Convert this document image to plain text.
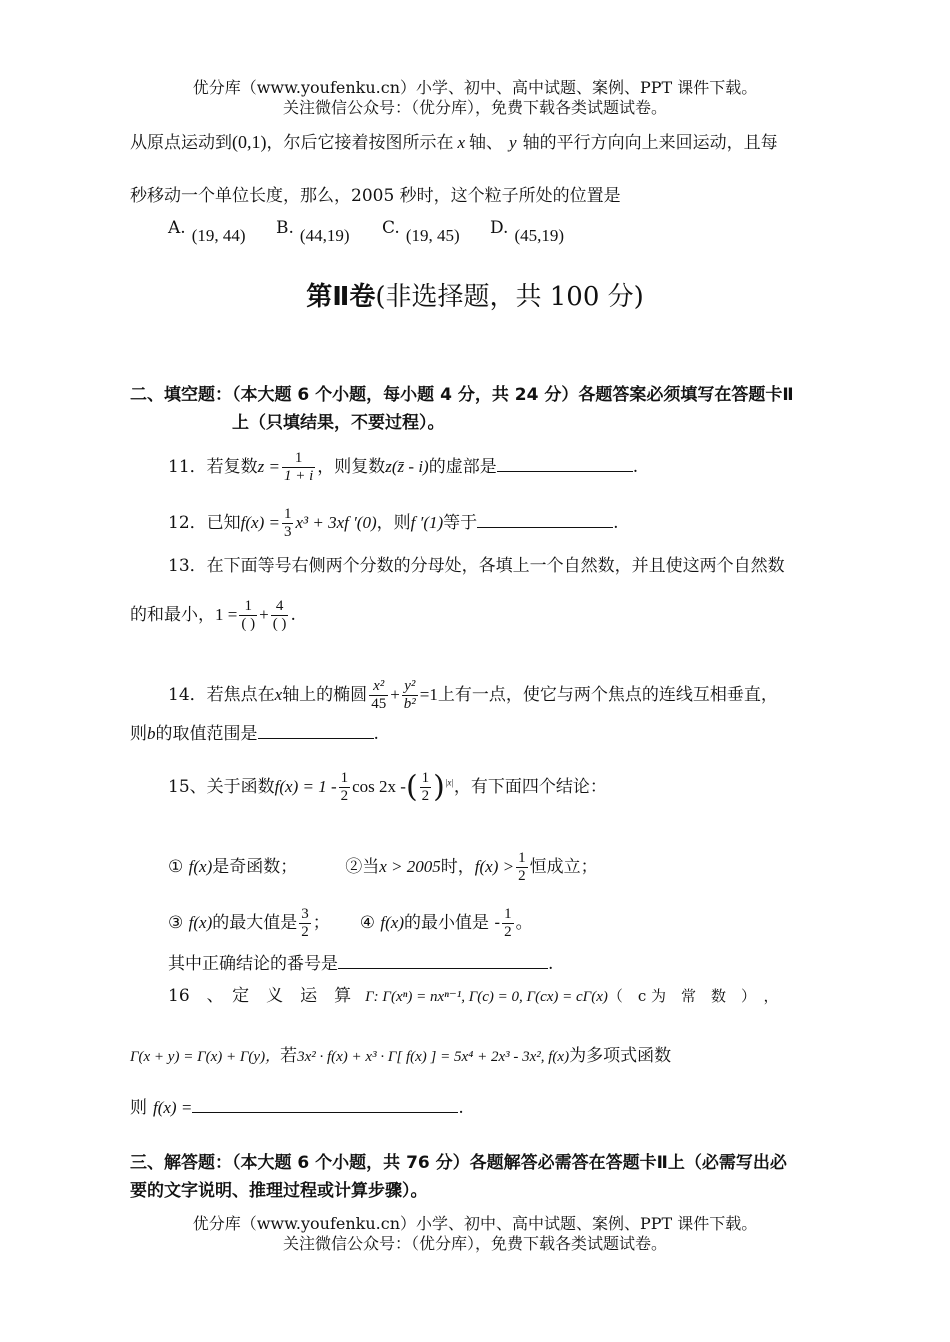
优分库（www.youfenku.cn）小学、初中、高中试题、案例、PPT 课件下载。
关注微信公众号：（优分库），免费下载各类试题试卷。
从原点运动到(0,1)，尔后它接着按图所示在 x 轴、 y 轴的平行方向向上来回运动，且每
秒移动一个单位长度，那么，2005 秒时，这个粒子所处的位置是
A. (19, 44) B. (44,19) C. (19, 45) D. (45,19)
第Ⅱ卷(非选择题，共 100 分)
二、填空题：（本大题 6 个小题，每小题 4 分，共 24 分）各题答案必须填写在答题卡Ⅱ
上（只填结果，不要过程）。
11．若复数$z = \frac{1}{1 + i}$ ，则复数z(z̄ - i)的虚部是	.
12．已知$f(x) = \frac{1}{3} x^3 + 3xf$ ′(0)，则f ′(1)等于	.
13．在下面等号右侧两个分数的分母处，各填上一个自然数，并且使这两个自然数
的和最小，$1 = \frac{1}{( )} + \frac{4}{( )}$ .
14．若焦点在x轴上的椭圆 $\frac{\text{x²}}{45} + \frac{\text{y²}}{\text{b²}} =1$上有一点，使它与两个焦点的连线互相垂直，
则b的取值范围是	.
15、关于函数$f(x) = 1 - \frac{1}{2}$ cos 2x -( $\frac{1}{2} )^{|x|}$，有下面四个结论：
① f(x)是奇函数；	②当x > 2005时，$f(x) > \frac{1}{2}$ 恒成立；
③ f(x)的最大值是 $\frac{3}{2}$ ； ④ f(x)的最小值是 - $\frac{1}{2}$ 。
其中正确结论的番号是	.
16　、　定　义　运　算 Γ: Γ(xⁿ) = nxⁿ⁻¹, Γ(c) = 0, Γ(cx) = cΓ(x)（　c 为　常　数　）　，
Γ(x + y) = Γ(x) + Γ(y)，若3x² · f(x) + x³ · Γ[ f(x) ] = 5x⁴ + 2x³ - 3x², f(x)为多项式函数
则 f(x) =	.
三、解答题：（本大题 6 个小题，共 76 分）各题解答必需答在答题卡Ⅱ上（必需写出必
要的文字说明、推理过程或计算步骤）。
优分库（www.youfenku.cn）小学、初中、高中试题、案例、PPT 课件下载。
关注微信公众号：（优分库），免费下载各类试题试卷。
